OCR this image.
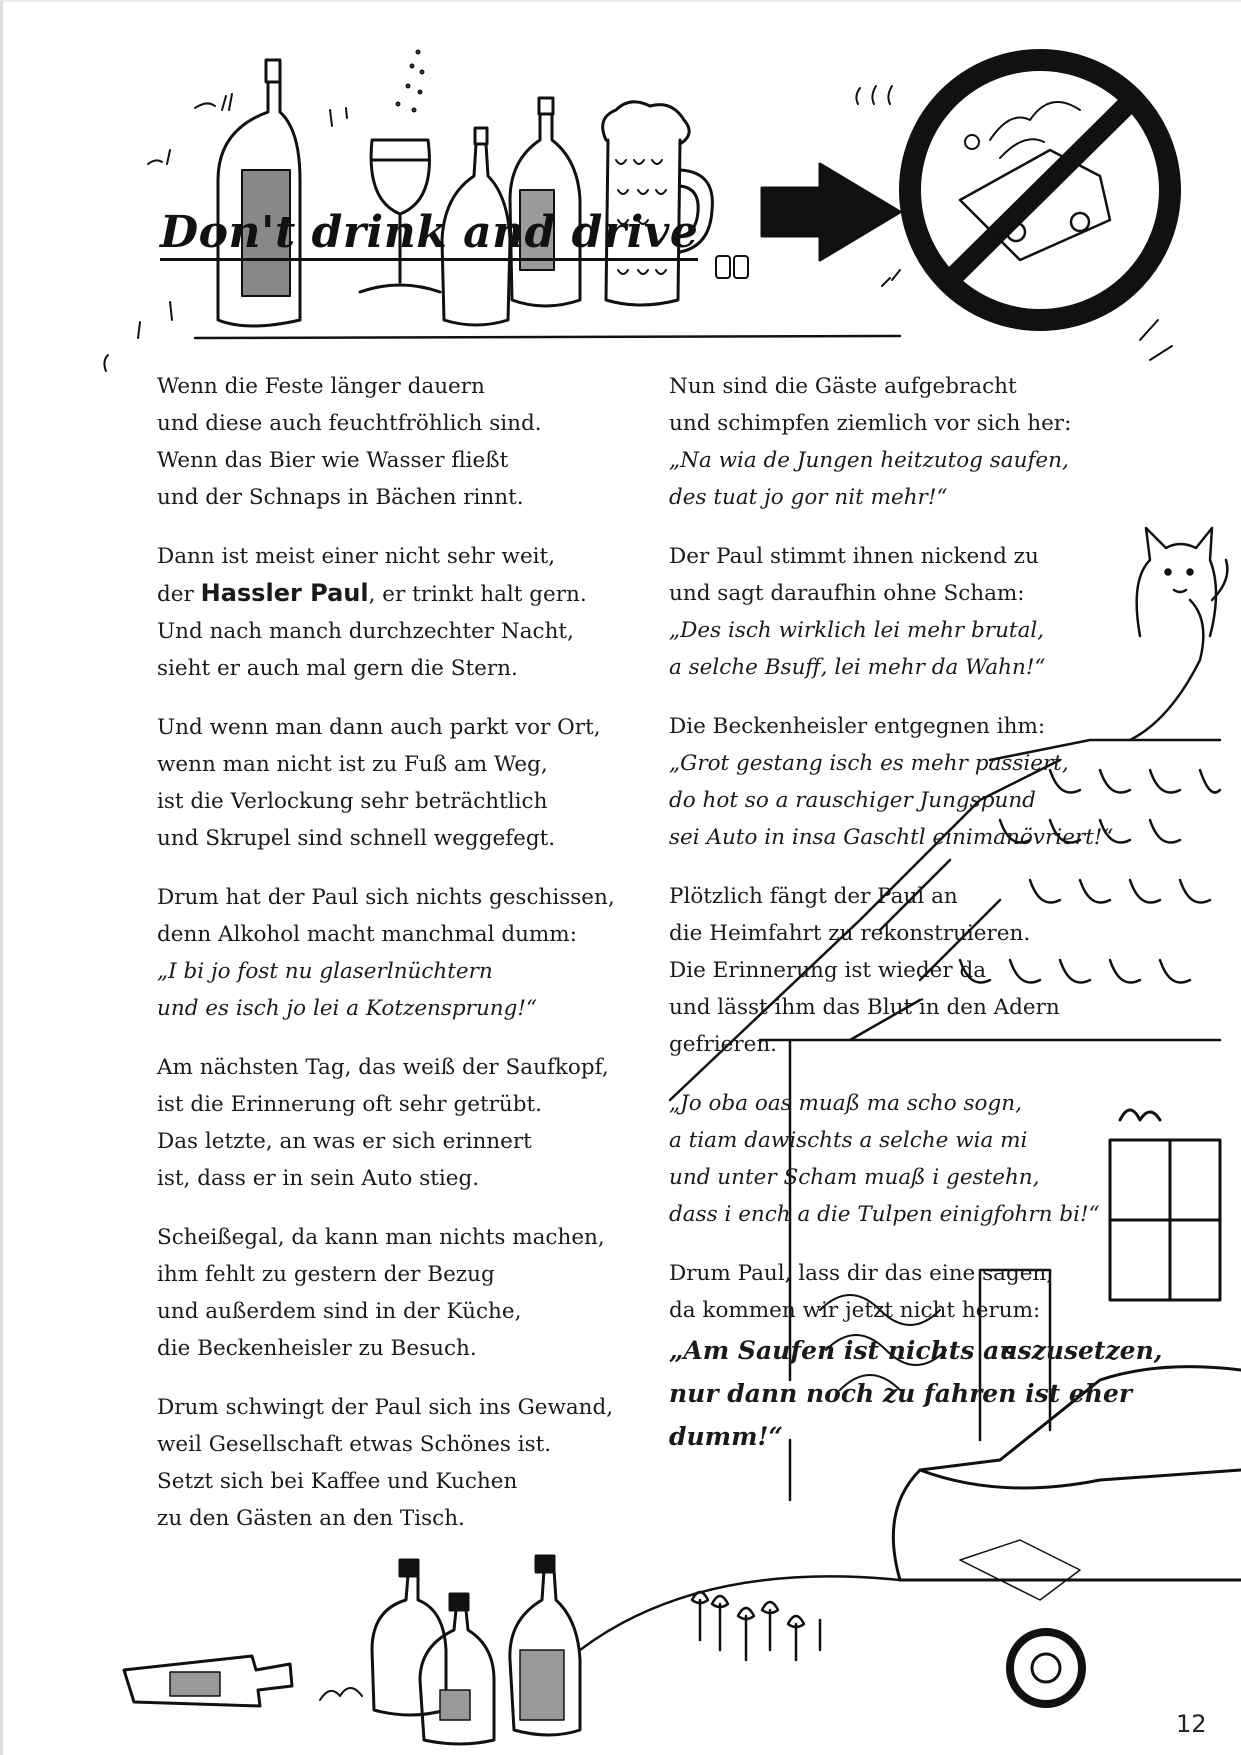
Don't drink and drive
Wenn die Feste länger dauern
und diese auch feuchtfröhlich sind.
Wenn das Bier wie Wasser fließt
und der Schnaps in Bächen rinnt.
Dann ist meist einer nicht sehr weit,
der Hassler Paul, er trinkt halt gern.
Und nach manch durchzechter Nacht,
sieht er auch mal gern die Stern.
Und wenn man dann auch parkt vor Ort,
wenn man nicht ist zu Fuß am Weg,
ist die Verlockung sehr beträchtlich
und Skrupel sind schnell weggefegt.
Drum hat der Paul sich nichts geschissen,
denn Alkohol macht manchmal dumm:
„I bi jo fost nu glaserlnüchtern
und es isch jo lei a Kotzensprung!“
Am nächsten Tag, das weiß der Saufkopf,
ist die Erinnerung oft sehr getrübt.
Das letzte, an was er sich erinnert
ist, dass er in sein Auto stieg.
Scheißegal, da kann man nichts machen,
ihm fehlt zu gestern der Bezug
und außerdem sind in der Küche,
die Beckenheisler zu Besuch.
Drum schwingt der Paul sich ins Gewand,
weil Gesellschaft etwas Schönes ist.
Setzt sich bei Kaffee und Kuchen
zu den Gästen an den Tisch.
Nun sind die Gäste aufgebracht
und schimpfen ziemlich vor sich her:
„Na wia de Jungen heitzutog saufen,
des tuat jo gor nit mehr!“
Der Paul stimmt ihnen nickend zu
und sagt daraufhin ohne Scham:
„Des isch wirklich lei mehr brutal,
a selche Bsuff, lei mehr da Wahn!“
Die Beckenheisler entgegnen ihm:
„Grot gestang isch es mehr passiert,
do hot so a rauschiger Jungspund
sei Auto in insa Gaschtl einimanövriert!“
Plötzlich fängt der Paul an
die Heimfahrt zu rekonstruieren.
Die Erinnerung ist wieder da
und lässt ihm das Blut in den Adern
gefrieren.
„Jo oba oas muaß ma scho sogn,
a tiam dawischts a selche wia mi
und unter Scham muaß i gestehn,
dass i ench a die Tulpen einigfohrn bi!“
Drum Paul, lass dir das eine sagen,
da kommen wir jetzt nicht herum:
„Am Saufen ist nichts auszusetzen,
nur dann noch zu fahren ist eher
dumm!“
12
